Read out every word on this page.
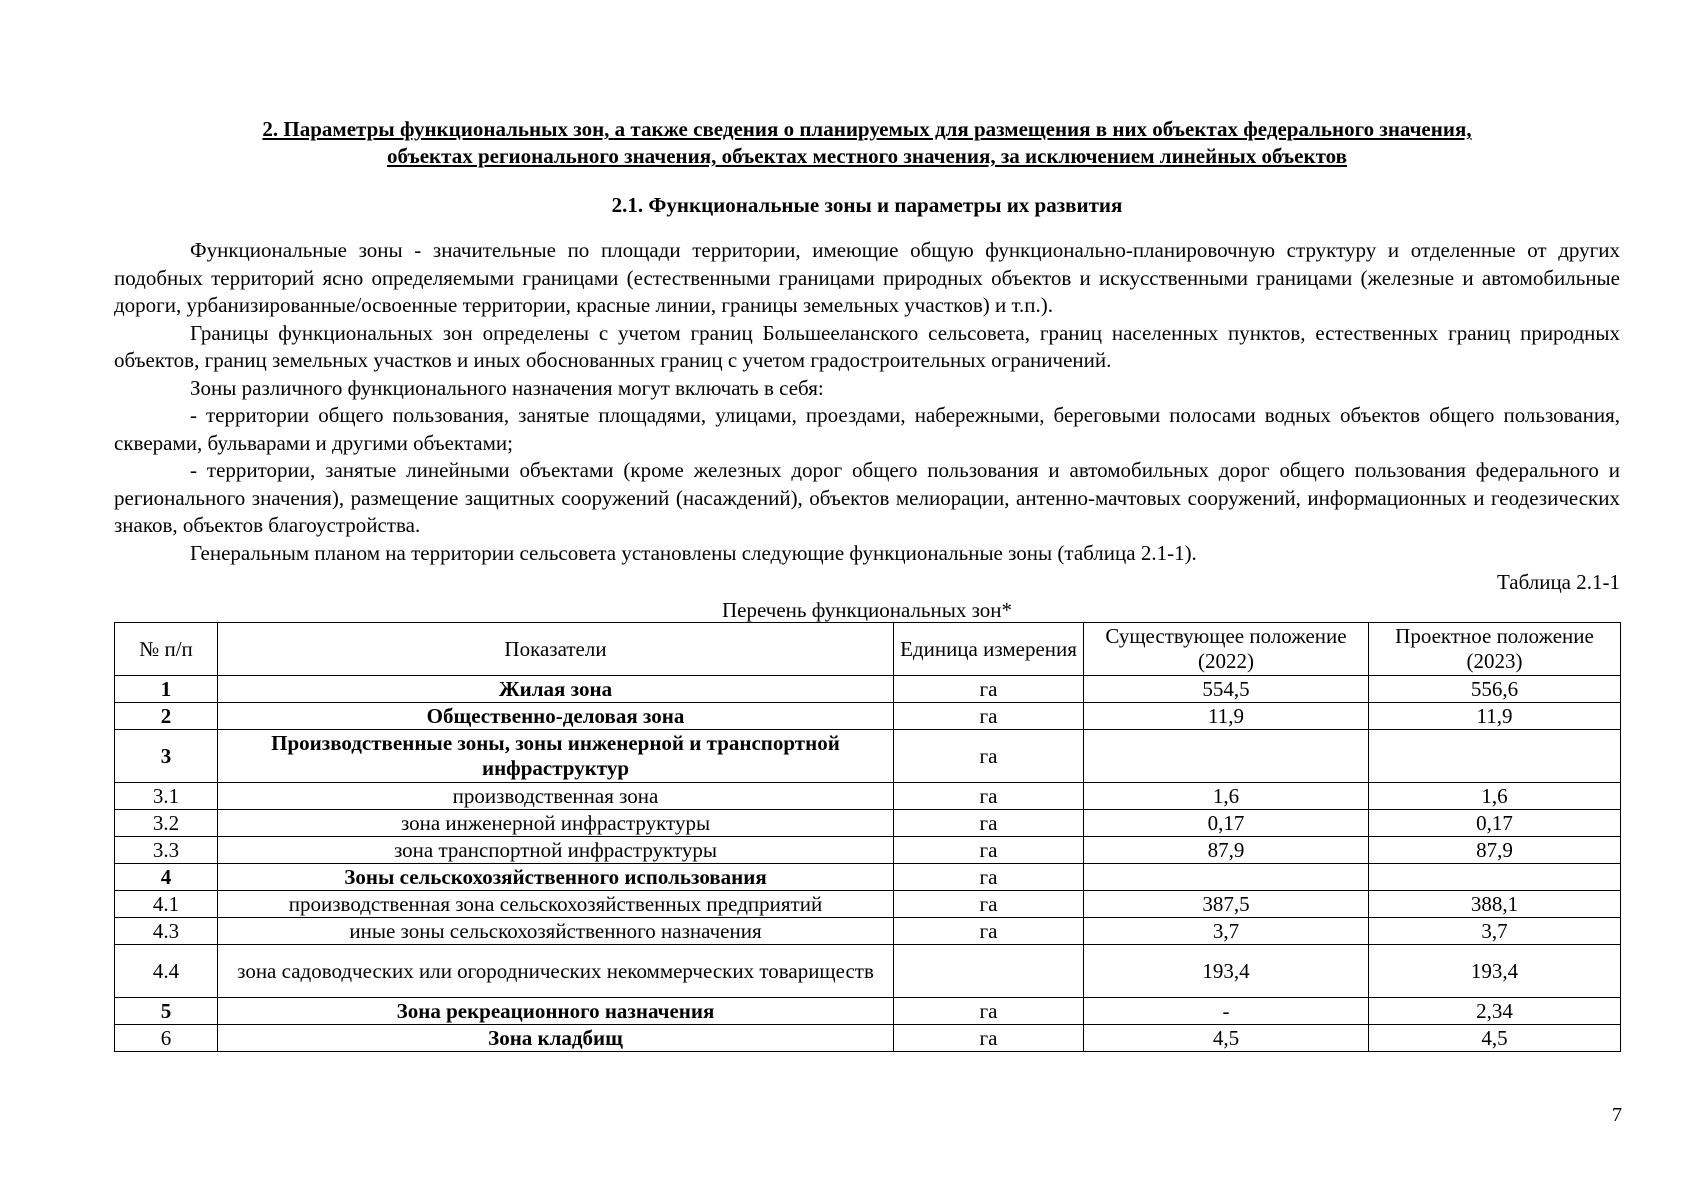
2. Параметры функциональных зон, а также сведения о планируемых для размещения в них объектах федерального значения,
объектах регионального значения, объектах местного значения, за исключением линейных объектов

2.1. Функциональные зоны и параметры их развития

Функциональные зоны - значительные по площади территории, имеющие общую функционально-планировочную структуру и отделенные от других подобных территорий ясно определяемыми границами (естественными границами природных объектов и искусственными границами (железные и автомобильные дороги, урбанизированные/освоенные территории, красные линии, границы земельных участков) и т.п.).

Границы функциональных зон определены с учетом границ Большееланского сельсовета, границ населенных пунктов, естественных границ природных объектов, границ земельных участков и иных обоснованных границ с учетом градостроительных ограничений.

Зоны различного функционального назначения могут включать в себя:

- территории общего пользования, занятые площадями, улицами, проездами, набережными, береговыми полосами водных объектов общего пользования, скверами, бульварами и другими объектами;

- территории, занятые линейными объектами (кроме железных дорог общего пользования и автомобильных дорог общего пользования федерального и регионального значения), размещение защитных сооружений (насаждений), объектов мелиорации, антенно-мачтовых сооружений, информационных и геодезических знаков, объектов благоустройства.

Генеральным планом на территории сельсовета установлены следующие функциональные зоны (таблица 2.1-1).

Таблица 2.1-1

Перечень функциональных зон*

№ п/п	Показатели	Единица измерения	Существующее положение (2022)	Проектное положение (2023)
1	Жилая зона	га	554,5	556,6
2	Общественно-деловая зона	га	11,9	11,9
3	Производственные зоны, зоны инженерной и транспортной инфраструктур	га		
3.1	производственная зона	га	1,6	1,6
3.2	зона инженерной инфраструктуры	га	0,17	0,17
3.3	зона транспортной инфраструктуры	га	87,9	87,9
4	Зоны сельскохозяйственного использования	га		
4.1	производственная зона сельскохозяйственных предприятий	га	387,5	388,1
4.3	иные зоны сельскохозяйственного назначения	га	3,7	3,7
4.4	зона садоводческих или огороднических некоммерческих товариществ		193,4	193,4
5	Зона рекреационного назначения	га	-	2,34
6	Зона кладбищ	га	4,5	4,5
7
